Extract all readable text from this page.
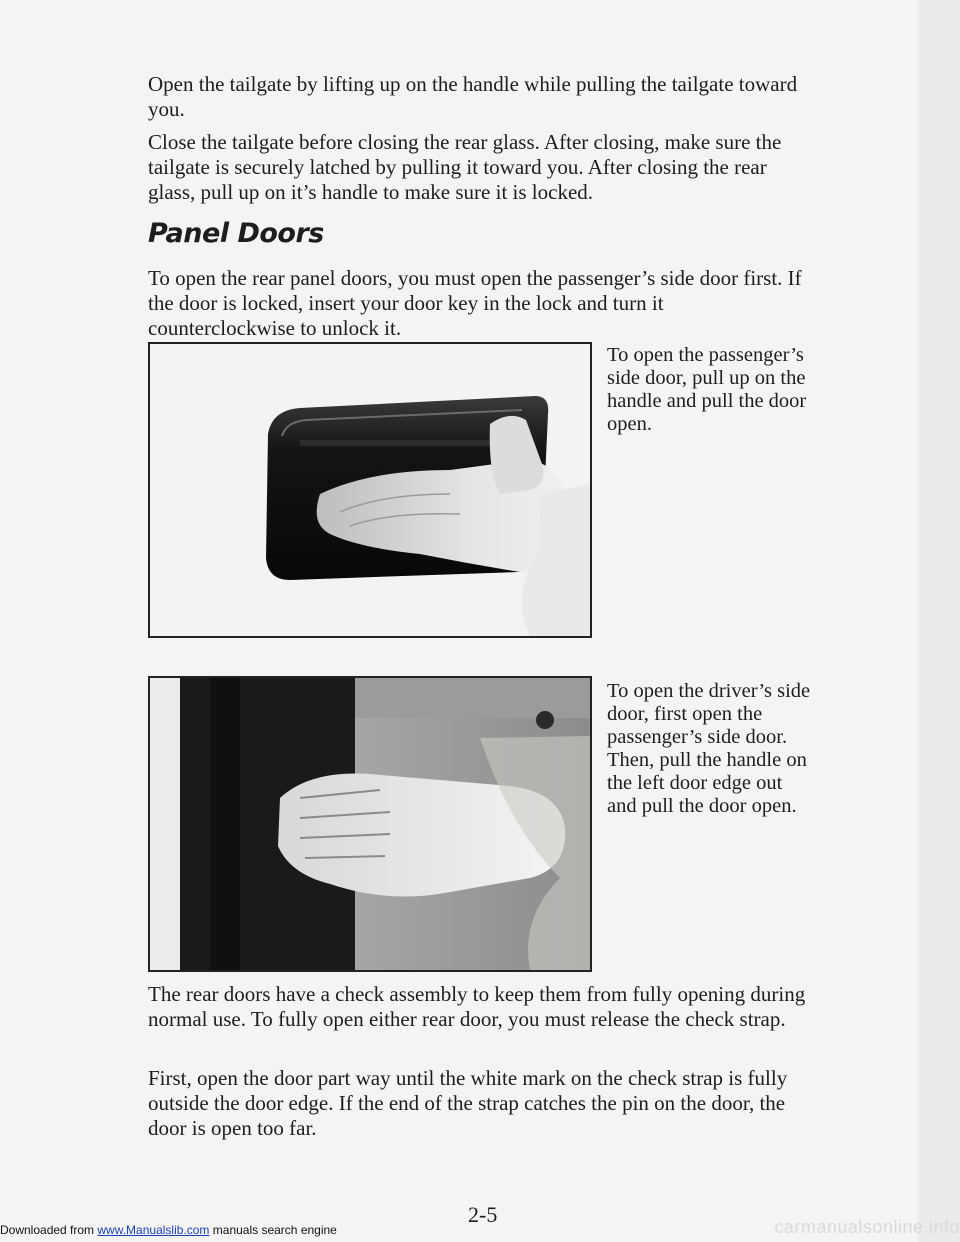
Open the tailgate by lifting up on the handle while pulling the tailgate toward you.

Close the tailgate before closing the rear glass. After closing, make sure the tailgate is securely latched by pulling it toward you. After closing the rear glass, pull up on it’s handle to make sure it is locked.

Panel Doors

To open the rear panel doors, you must open the passenger’s side door first. If the door is locked, insert your door key in the lock and turn it counterclockwise to unlock it.

To open the passenger’s side door, pull up on the handle and pull the door open.

To open the driver’s side door, first open the passenger’s side door. Then, pull the handle on the left door edge out and pull the door open.

The rear doors have a check assembly to keep them from fully opening during normal use. To fully open either rear door, you must release the check strap.

First, open the door part way until the white mark on the check strap is fully outside the door edge. If the end of the strap catches the pin on the door, the door is open too far.

2-5

Downloaded from www.Manualslib.com manuals search engine	carmanualsonline.info
